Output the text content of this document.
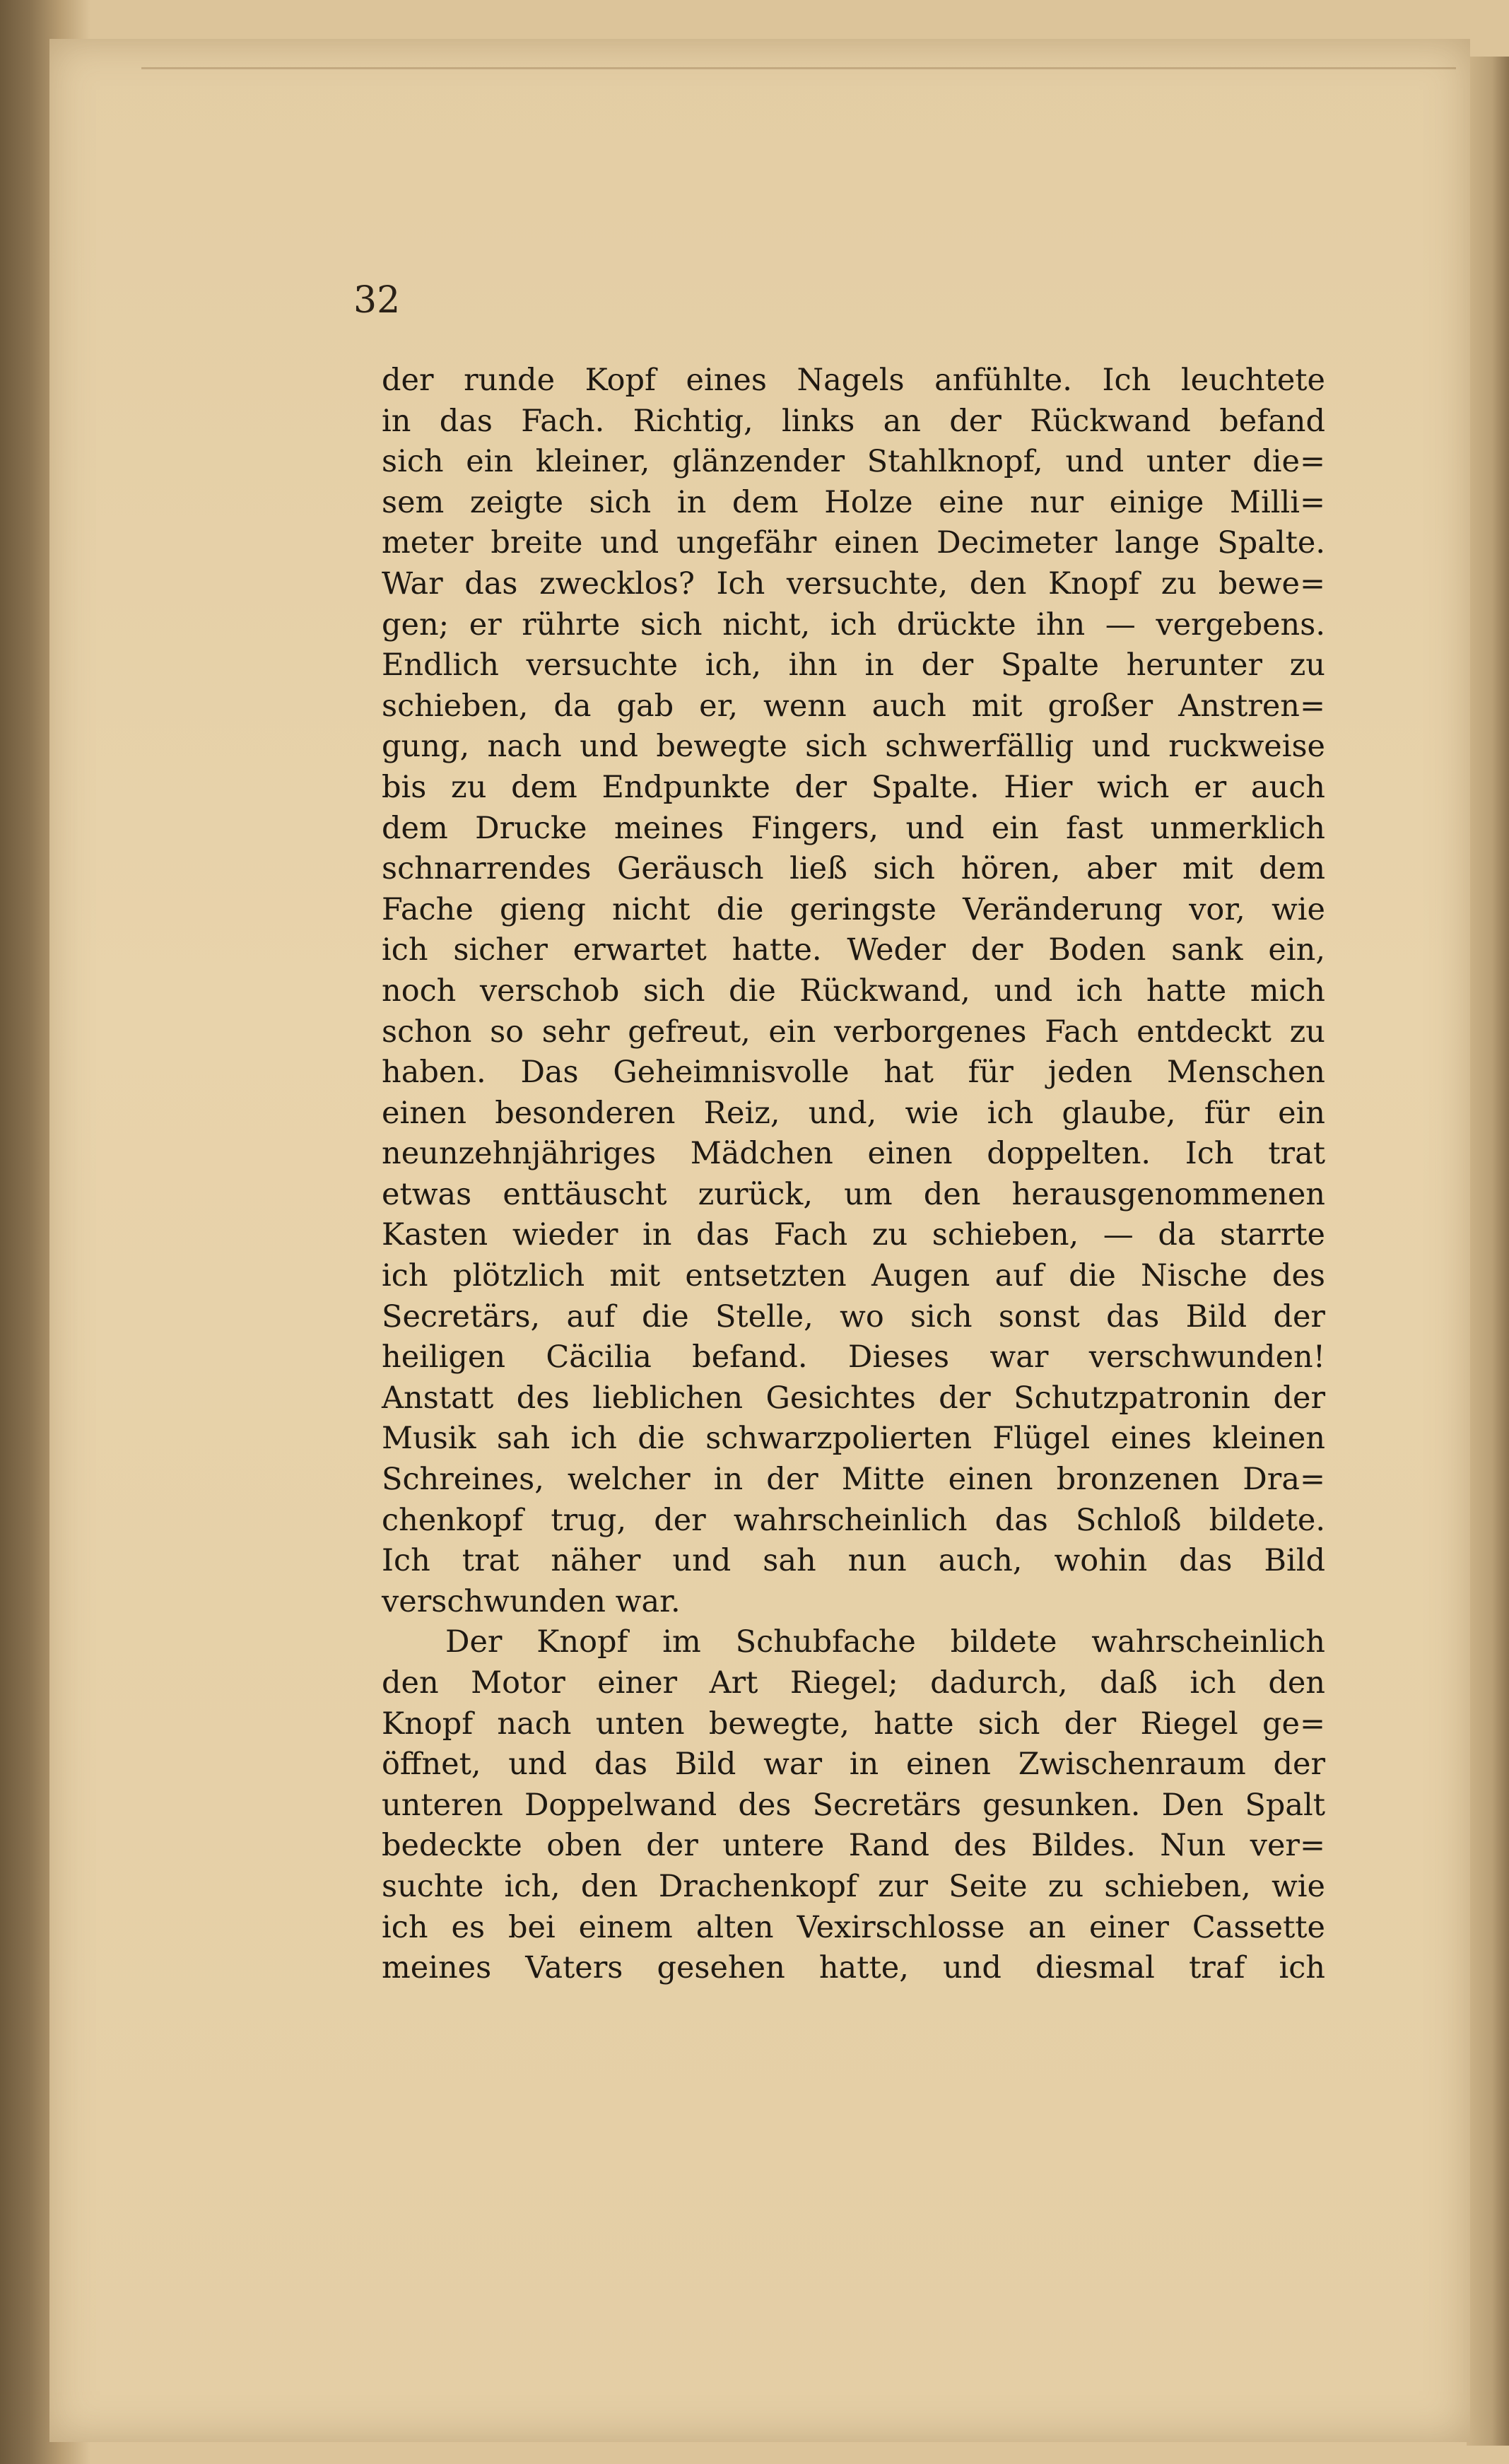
32
der runde Kopf eines Nagels anfühlte. Ich leuchtete
in das Fach. Richtig, links an der Rückwand befand
sich ein kleiner, glänzender Stahlknopf, und unter die=
sem zeigte sich in dem Holze eine nur einige Milli=
meter breite und ungefähr einen Decimeter lange Spalte.
War das zwecklos? Ich versuchte, den Knopf zu bewe=
gen; er rührte sich nicht, ich drückte ihn — vergebens.
Endlich versuchte ich, ihn in der Spalte herunter zu
schieben, da gab er, wenn auch mit großer Anstren=
gung, nach und bewegte sich schwerfällig und ruckweise
bis zu dem Endpunkte der Spalte. Hier wich er auch
dem Drucke meines Fingers, und ein fast unmerklich
schnarrendes Geräusch ließ sich hören, aber mit dem
Fache gieng nicht die geringste Veränderung vor, wie
ich sicher erwartet hatte. Weder der Boden sank ein,
noch verschob sich die Rückwand, und ich hatte mich
schon so sehr gefreut, ein verborgenes Fach entdeckt zu
haben. Das Geheimnisvolle hat für jeden Menschen
einen besonderen Reiz, und, wie ich glaube, für ein
neunzehnjähriges Mädchen einen doppelten. Ich trat
etwas enttäuscht zurück, um den herausgenommenen
Kasten wieder in das Fach zu schieben, — da starrte
ich plötzlich mit entsetzten Augen auf die Nische des
Secretärs, auf die Stelle, wo sich sonst das Bild der
heiligen Cäcilia befand. Dieses war verschwunden!
Anstatt des lieblichen Gesichtes der Schutzpatronin der
Musik sah ich die schwarzpolierten Flügel eines kleinen
Schreines, welcher in der Mitte einen bronzenen Dra=
chenkopf trug, der wahrscheinlich das Schloß bildete.
Ich trat näher und sah nun auch, wohin das Bild
verschwunden war.
Der Knopf im Schubfache bildete wahrscheinlich
den Motor einer Art Riegel; dadurch, daß ich den
Knopf nach unten bewegte, hatte sich der Riegel ge=
öffnet, und das Bild war in einen Zwischenraum der
unteren Doppelwand des Secretärs gesunken. Den Spalt
bedeckte oben der untere Rand des Bildes. Nun ver=
suchte ich, den Drachenkopf zur Seite zu schieben, wie
ich es bei einem alten Vexirschlosse an einer Cassette
meines Vaters gesehen hatte, und diesmal traf ich
